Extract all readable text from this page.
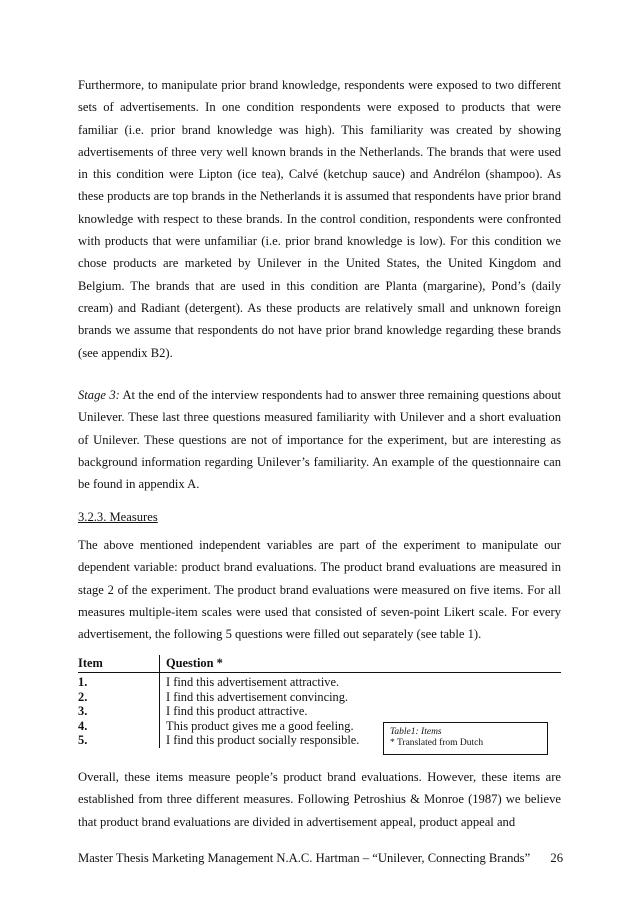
Furthermore, to manipulate prior brand knowledge, respondents were exposed to two different sets of advertisements. In one condition respondents were exposed to products that were familiar (i.e. prior brand knowledge was high). This familiarity was created by showing advertisements of three very well known brands in the Netherlands. The brands that were used in this condition were Lipton (ice tea), Calvé (ketchup sauce) and Andrélon (shampoo). As these products are top brands in the Netherlands it is assumed that respondents have prior brand knowledge with respect to these brands. In the control condition, respondents were confronted with products that were unfamiliar (i.e. prior brand knowledge is low). For this condition we chose products are marketed by Unilever in the United States, the United Kingdom and Belgium. The brands that are used in this condition are Planta (margarine), Pond’s (daily cream) and Radiant (detergent). As these products are relatively small and unknown foreign brands we assume that respondents do not have prior brand knowledge regarding these brands (see appendix B2).

Stage 3: At the end of the interview respondents had to answer three remaining questions about Unilever. These last three questions measured familiarity with Unilever and a short evaluation of Unilever. These questions are not of importance for the experiment, but are interesting as background information regarding Unilever’s familiarity. An example of the questionnaire can be found in appendix A.

3.2.3. Measures

The above mentioned independent variables are part of the experiment to manipulate our dependent variable: product brand evaluations. The product brand evaluations are measured in stage 2 of the experiment. The product brand evaluations were measured on five items. For all measures multiple-item scales were used that consisted of seven-point Likert scale. For every advertisement, the following 5 questions were filled out separately (see table 1).

Item	Question *
1.	I find this advertisement attractive.
2.	I find this advertisement convincing.
3.	I find this product attractive.
4.	This product gives me a good feeling.
5.	I find this product socially responsible.
Table1: Items
* Translated from Dutch

Overall, these items measure people’s product brand evaluations. However, these items are established from three different measures. Following Petroshius & Monroe (1987) we believe that product brand evaluations are divided in advertisement appeal, product appeal and

Master Thesis Marketing Management N.A.C. Hartman – “Unilever, Connecting Brands” 26
